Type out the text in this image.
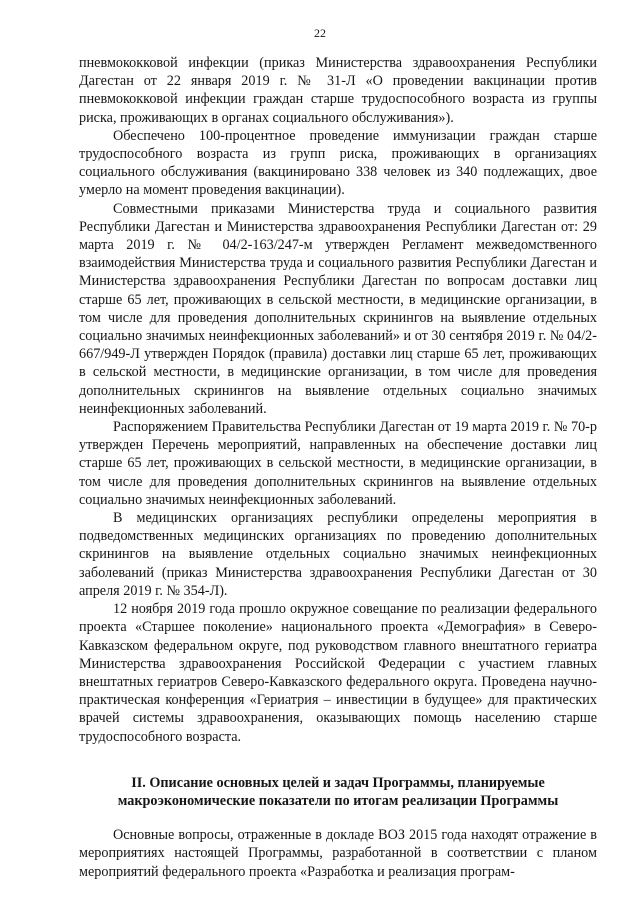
22

пневмококковой инфекции (приказ Министерства здравоохранения Республики Дагестан от 22 января 2019 г. № 31-Л «О проведении вакцинации против пневмококковой инфекции граждан старше трудоспособного возраста из группы риска, проживающих в органах социального обслуживания»).

Обеспечено 100-процентное проведение иммунизации граждан старше трудоспособного возраста из групп риска, проживающих в организациях социального обслуживания (вакцинировано 338 человек из 340 подлежащих, двое умерло на момент проведения вакцинации).

Совместными приказами Министерства труда и социального развития Республики Дагестан и Министерства здравоохранения Республики Дагестан от: 29 марта 2019 г. № 04/2-163/247-м утвержден Регламент межведомственного взаимодействия Министерства труда и социального развития Республики Дагестан и Министерства здравоохранения Республики Дагестан по вопросам доставки лиц старше 65 лет, проживающих в сельской местности, в медицинские организации, в том числе для проведения дополнительных скринингов на выявление отдельных социально значимых неинфекционных заболеваний» и от 30 сентября 2019 г. № 04/2-667/949-Л утвержден Порядок (правила) доставки лиц старше 65 лет, проживающих в сельской местности, в медицинские организации, в том числе для проведения дополнительных скринингов на выявление отдельных социально значимых неинфекционных заболеваний.

Распоряжением Правительства Республики Дагестан от 19 марта 2019 г. № 70-р утвержден Перечень мероприятий, направленных на обеспечение доставки лиц старше 65 лет, проживающих в сельской местности, в медицинские организации, в том числе для проведения дополнительных скринингов на выявление отдельных социально значимых неинфекционных заболеваний.

В медицинских организациях республики определены мероприятия в подведомственных медицинских организациях по проведению дополнительных скринингов на выявление отдельных социально значимых неинфекционных заболеваний (приказ Министерства здравоохранения Республики Дагестан от 30 апреля 2019 г. № 354-Л).

12 ноября 2019 года прошло окружное совещание по реализации федерального проекта «Старшее поколение» национального проекта «Демография» в Северо-Кавказском федеральном округе, под руководством главного внештатного гериатра Министерства здравоохранения Российской Федерации с участием главных внештатных гериатров Северо-Кавказского федерального округа. Проведена научно-практическая конференция «Гериатрия – инвестиции в будущее» для практических врачей системы здравоохранения, оказывающих помощь населению старше трудоспособного возраста.

II. Описание основных целей и задач Программы, планируемые
макроэкономические показатели по итогам реализации Программы

Основные вопросы, отраженные в докладе ВОЗ 2015 года находят отражение в мероприятиях настоящей Программы, разработанной в соответствии с планом мероприятий федерального проекта «Разработка и реализация програм-
